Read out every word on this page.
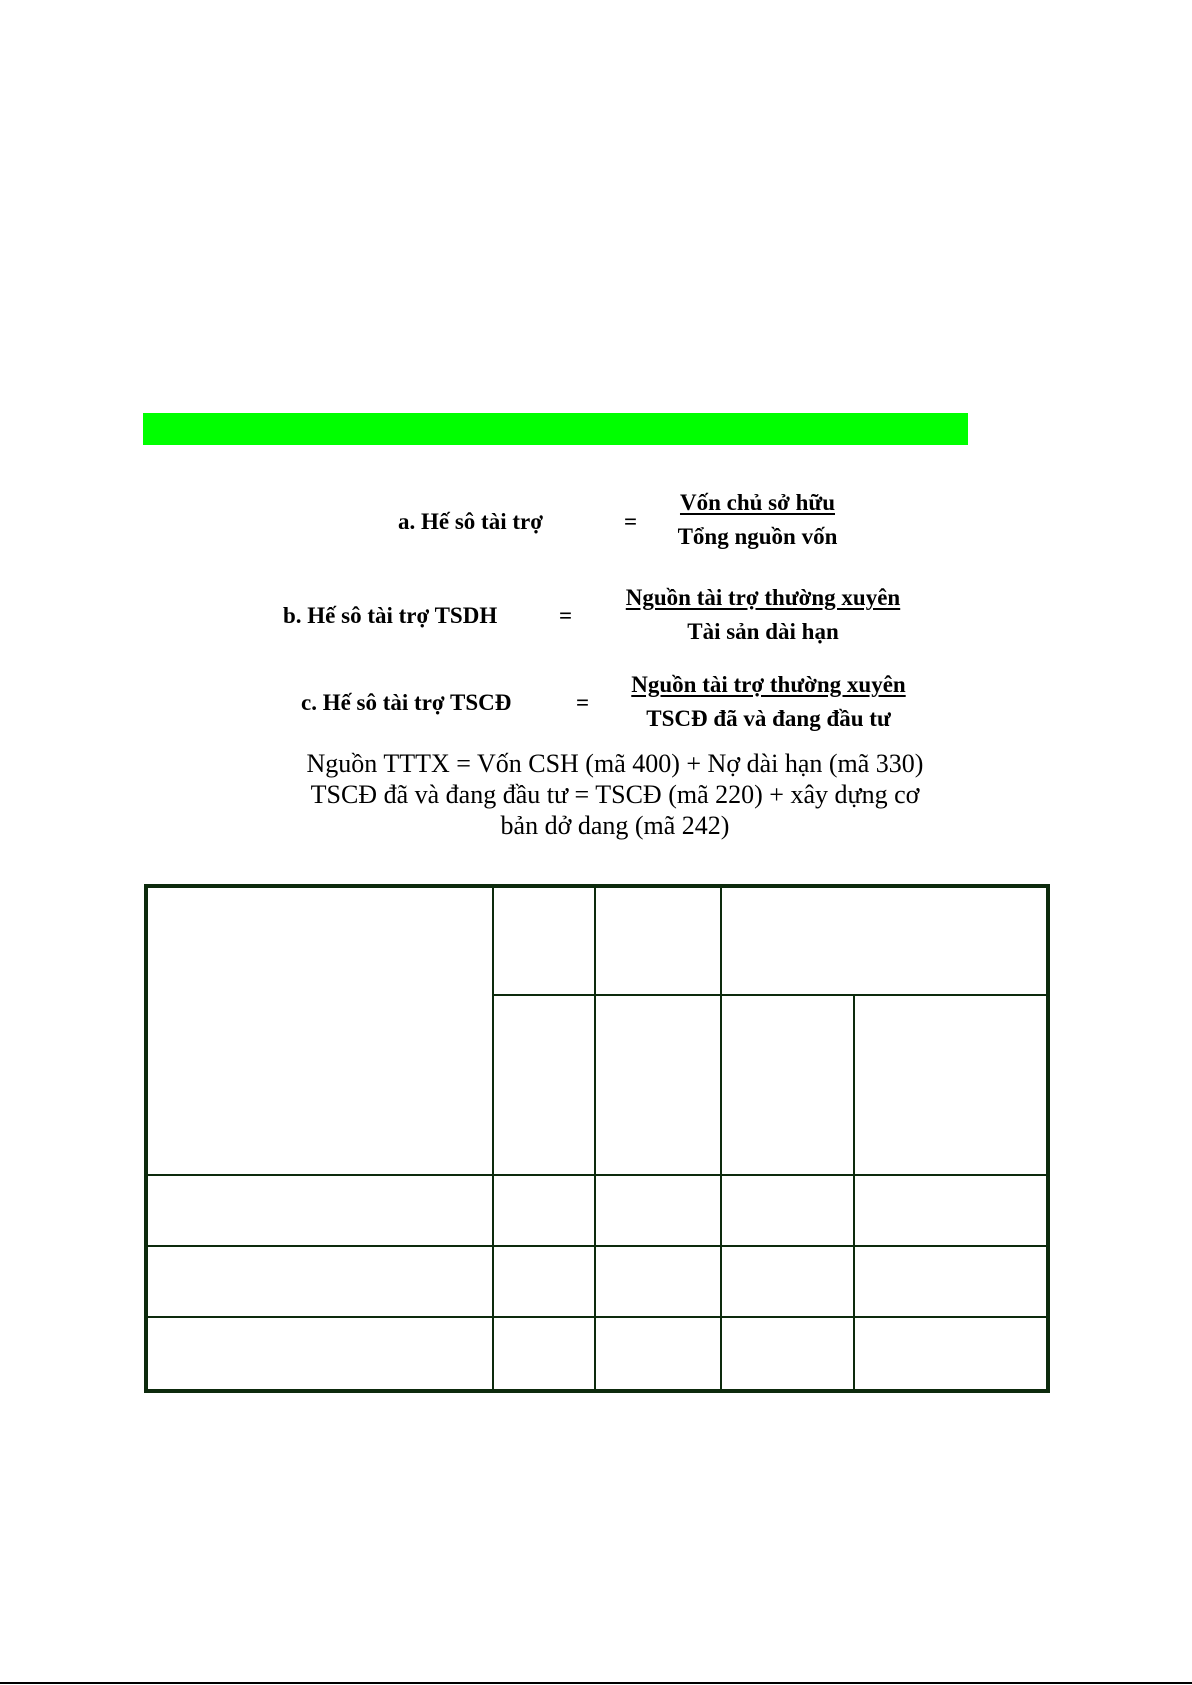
a. Hế sô tài trợ	=
Vốn chủ sở hữu
Tổng nguồn vốn
b. Hế sô tài trợ TSDH	=
Nguồn tài trợ thường xuyên
Tài sản dài hạn
c. Hế sô tài trợ TSCĐ	=
Nguồn tài trợ thường xuyên
TSCĐ đã và đang đầu tư
Nguồn TTTX = Vốn CSH (mã 400) + Nợ dài hạn (mã 330)
TSCĐ đã và đang đầu tư = TSCĐ (mã 220) + xây dựng cơ
bản dở dang (mã 242)
